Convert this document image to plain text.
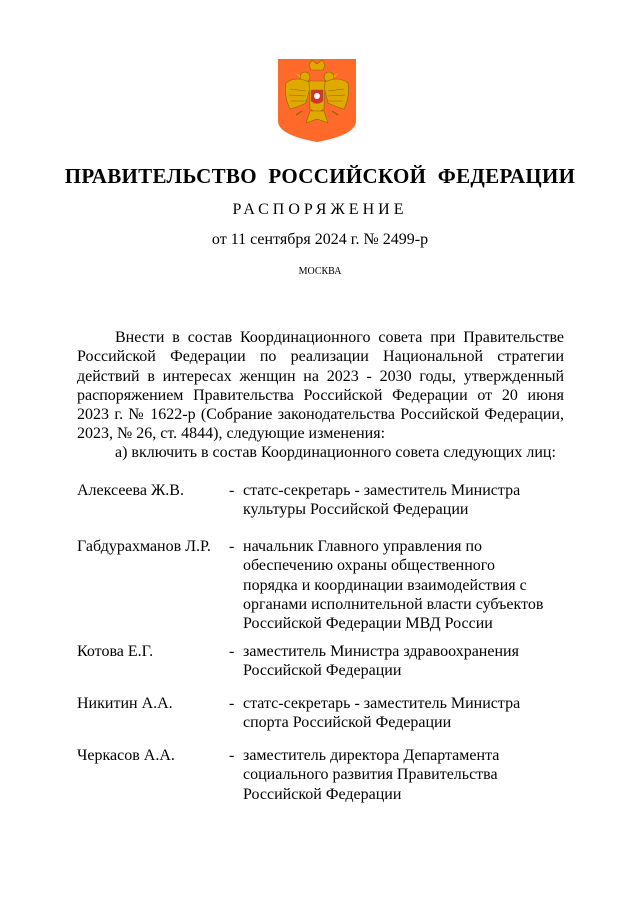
ПРАВИТЕЛЬСТВО РОССИЙСКОЙ ФЕДЕРАЦИИ
РАСПОРЯЖЕНИЕ
от 11 сентября 2024 г. № 2499-р
МОСКВА

Внести в состав Координационного совета при Правительстве Российской Федерации по реализации Национальной стратегии действий в интересах женщин на 2023 - 2030 годы, утвержденный распоряжением Правительства Российской Федерации от 20 июня 2023 г. № 1622-р (Собрание законодательства Российской Федерации, 2023, № 26, ст. 4844), следующие изменения:

а) включить в состав Координационного совета следующих лиц:

Алексеева Ж.В.	- статс-секретарь - заместитель Министра культуры Российской Федерации
Габдурахманов Л.Р. - начальник Главного управления по обеспечению охраны общественного порядка и координации взаимодействия с органами исполнительной власти субъектов Российской Федерации МВД России
Котова Е.Г.	- заместитель Министра здравоохранения Российской Федерации
Никитин А.А.	- статс-секретарь - заместитель Министра спорта Российской Федерации
Черкасов А.А.	- заместитель директора Департамента социального развития Правительства Российской Федерации
